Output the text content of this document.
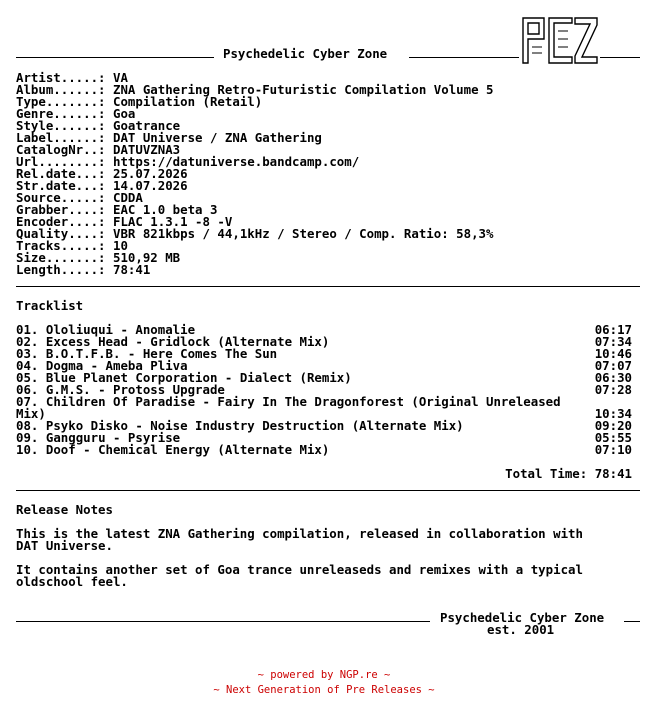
Psychedelic Cyber Zone
Artist.....: VA
Album......: ZNA Gathering Retro-Futuristic Compilation Volume 5
Type.......: Compilation (Retail)
Genre......: Goa
Style......: Goatrance
Label......: DAT Universe / ZNA Gathering
CatalogNr..: DATUVZNA3
Url........: https://datuniverse.bandcamp.com/
Rel.date...: 25.07.2026
Str.date...: 14.07.2026
Source.....: CDDA
Grabber....: EAC 1.0 beta 3
Encoder....: FLAC 1.3.1 -8 -V
Quality....: VBR 821kbps / 44,1kHz / Stereo / Comp. Ratio: 58,3%
Tracks.....: 10
Size.......: 510,92 MB
Length.....: 78:41
Tracklist
01. Ololiuqui - Anomalie	06:17
02. Excess Head - Gridlock (Alternate Mix)	07:34
03. B.O.T.F.B. - Here Comes The Sun	10:46
04. Dogma - Ameba Pliva	07:07
05. Blue Planet Corporation - Dialect (Remix)	06:30
06. G.M.S. - Protoss Upgrade	07:28
07. Children Of Paradise - Fairy In The Dragonforest (Original Unreleased
Mix)	10:34
08. Psyko Disko - Noise Industry Destruction (Alternate Mix)	09:20
09. Gangguru - Psyrise	05:55
10. Doof - Chemical Energy (Alternate Mix)	07:10
Total Time: 78:41
Release Notes
This is the latest ZNA Gathering compilation, released in collaboration with
DAT Universe.
It contains another set of Goa trance unreleaseds and remixes with a typical
oldschool feel.
Psychedelic Cyber Zone
est. 2001
~ powered by NGP.re ~
~ Next Generation of Pre Releases ~
